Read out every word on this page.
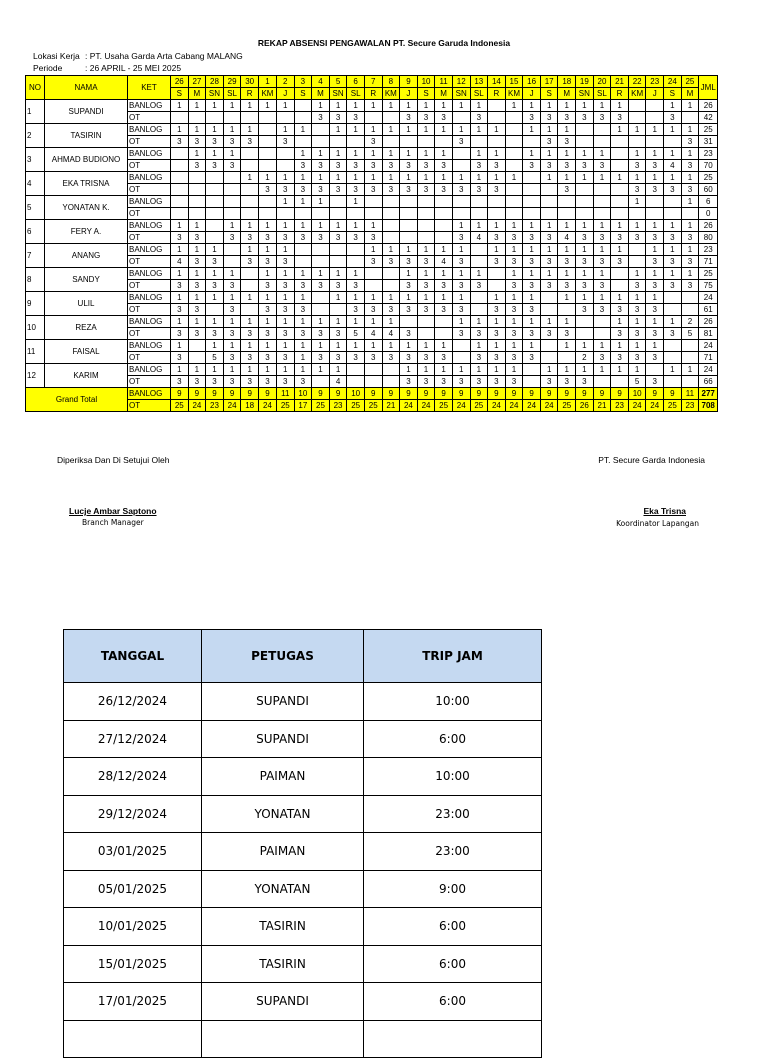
REKAP ABSENSI PENGAWALAN PT. Secure Garuda Indonesia
Lokasi Kerja : PT. Usaha Garda Arta Cabang MALANG
Periode	: 26 APRIL - 25 MEI 2025
NO	NAMA	KET	26	27	28	29	30	1	2	3	4	5	6	7	8	9	10	11	12	13	14	15	16	17	18	19	20	21	22	23	24	25	JML
			S	M	SN	SL	R	KM	J	S	M	SN	SL	R	KM	J	S	M	SN	SL	R	KM	J	S	M	SN	SL	R	KM	J	S	M	
1	SUPANDI	BANLOG	1	1	1	1	1	1	1		1	1	1	1	1	1	1	1	1	1		1	1	1	1	1	1	1			1	1	26
		OT									3	3	3			3	3	3		3			3	3	3	3	3	3			3		42
2	TASIRIN	BANLOG	1	1	1	1	1		1	1		1	1	1	1	1	1	1	1	1	1		1	1	1			1	1	1	1	1	25
		OT	3	3	3	3	3		3					3					3					3	3							3	31
3	AHMAD BUDIONO	BANLOG		1	1	1				1	1	1	1	1	1	1	1	1		1	1		1	1	1	1	1		1	1	1	1	23
		OT		3	3	3				3	3	3	3	3	3	3	3	3		3	3		3	3	3	3	3		3	3	4	3	70
4	EKA TRISNA	BANLOG					1	1	1	1	1	1	1	1	1	1	1	1	1	1	1	1		1	1	1	1	1	1	1	1	1	25
		OT						3	3	3	3	3	3	3	3	3	3	3	3	3	3				3				3	3	3	3	60
5	YONATAN K.	BANLOG							1	1	1		1																1			1	6
		OT																															0
6	FERY A.	BANLOG	1	1		1	1	1	1	1	1	1	1	1					1	1	1	1	1	1	1	1	1	1	1	1	1	1	26
		OT	3	3		3	3	3	3	3	3	3	3	3					3	4	3	3	3	3	4	3	3	3	3	3	3	3	80
7	ANANG	BANLOG	1	1	1		1	1	1					1	1	1	1	1	1		1	1	1	1	1	1	1	1		1	1	1	23
		OT	4	3	3		3	3	3					3	3	3	3	4	3		3	3	3	3	3	3	3	3		3	3	3	71
8	SANDY	BANLOG	1	1	1	1		1	1	1	1	1	1			1	1	1	1	1		1	1	1	1	1	1		1	1	1	1	25
		OT	3	3	3	3		3	3	3	3	3	3			3	3	3	3	3		3	3	3	3	3	3		3	3	3	3	75
9	ULIL	BANLOG	1	1	1	1	1	1	1	1		1	1	1	1	1	1	1	1		1	1	1		1	1	1	1	1	1			24
		OT	3	3		3		3	3	3			3	3	3	3	3	3	3		3	3	3			3	3	3	3	3			61
10	REZA	BANLOG	1	1	1	1	1	1	1	1	1	1	1	1	1				1	1	1	1	1	1	1			1	1	1	1	2	26
		OT	3	3	3	3	3	3	3	3	3	3	5	4	4	3			3	3	3	3	3	3	3			3	3	3	3	5	81
11	FAISAL	BANLOG	1		1	1	1	1	1	1	1	1	1	1	1	1	1	1		1	1	1	1		1	1	1	1	1	1			24
		OT	3		5	3	3	3	3	1	3	3	3	3	3	3	3	3		3	3	3	3			2	3	3	3	3			71
12	KARIM	BANLOG	1	1	1	1	1	1	1	1	1	1				1	1	1	1	1	1	1		1	1	1	1	1	1		1	1	24
		OT	3	3	3	3	3	3	3	3		4				3	3	3	3	3	3	3		3	3	3			5	3			66
Grand Total		BANLOG	9	9	9	9	9	9	11	10	9	9	10	9	9	9	9	9	9	9	9	9	9	9	9	9	9	9	10	9	9	11	277
		OT	25	24	23	24	18	24	25	17	25	23	25	25	21	24	24	25	24	25	24	24	24	24	25	26	21	23	24	24	25	23	708
Diperiksa Dan Di Setujui Oleh	PT. Secure Garda Indonesia
Lucje Ambar Saptono
Branch Manager
Eka Trisna
Koordinator Lapangan
TANGGAL	PETUGAS	TRIP JAM
26/12/2024	SUPANDI	10:00
27/12/2024	SUPANDI	6:00
28/12/2024	PAIMAN	10:00
29/12/2024	YONATAN	23:00
03/01/2025	PAIMAN	23:00
05/01/2025	YONATAN	9:00
10/01/2025	TASIRIN	6:00
15/01/2025	TASIRIN	6:00
17/01/2025	SUPANDI	6:00
